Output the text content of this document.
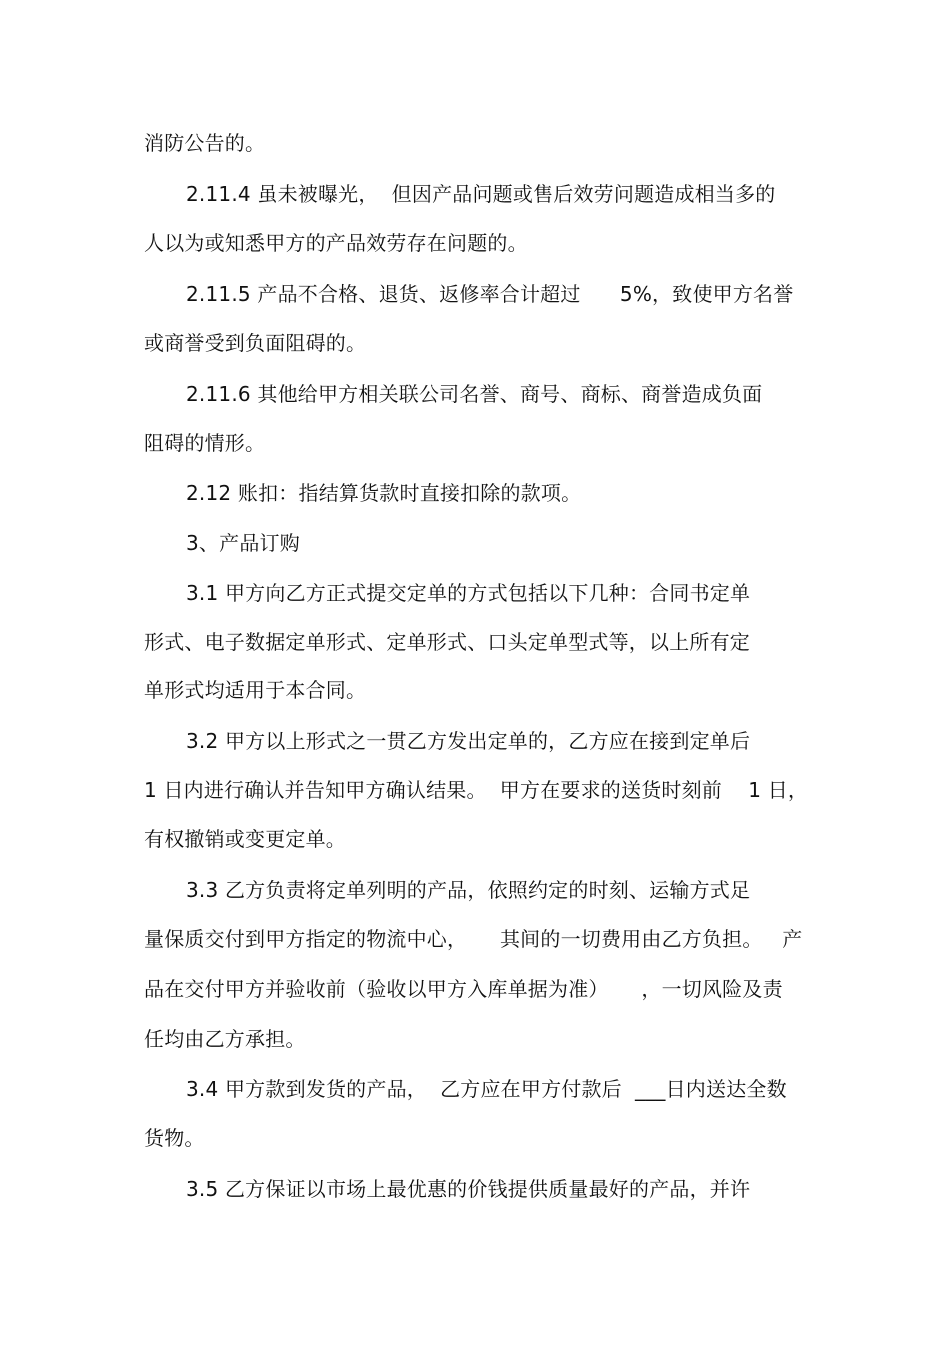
消防公告的。
2.11.4 虽未被曝光，  但因产品问题或售后效劳问题造成相当多的
人以为或知悉甲方的产品效劳存在问题的。
2.11.5 产品不合格、退货、返修率合计超过      5%，致使甲方名誉
或商誉受到负面阻碍的。
2.11.6 其他给甲方相关联公司名誉、商号、商标、商誉造成负面
阻碍的情形。
2.12 账扣：指结算货款时直接扣除的款项。
3、产品订购
3.1 甲方向乙方正式提交定单的方式包括以下几种：合同书定单
形式、电子数据定单形式、定单形式、口头定单型式等，以上所有定
单形式均适用于本合同。
3.2 甲方以上形式之一贯乙方发出定单的，乙方应在接到定单后
1 日内进行确认并告知甲方确认结果。  甲方在要求的送货时刻前    1 日，
有权撤销或变更定单。
3.3 乙方负责将定单列明的产品，依照约定的时刻、运输方式足
量保质交付到甲方指定的物流中心，     其间的一切费用由乙方负担。   产
品在交付甲方并验收前（验收以甲方入库单据为准）     ，一切风险及责
任均由乙方承担。
3.4 甲方款到发货的产品，  乙方应在甲方付款后  ___日内送达全数
货物。
3.5 乙方保证以市场上最优惠的价钱提供质量最好的产品，并许
